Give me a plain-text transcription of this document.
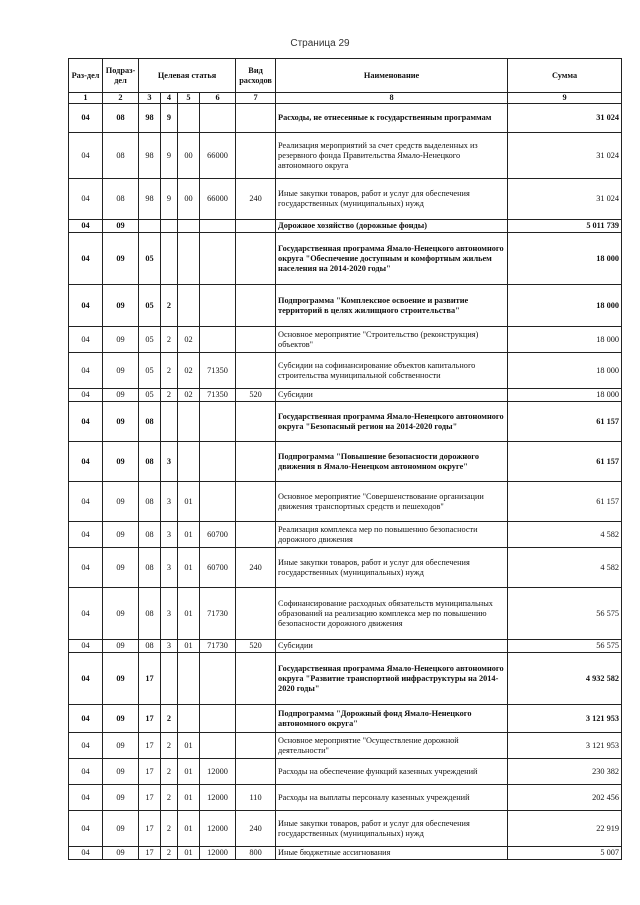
Страница 29
Раз-дел	Подраз-дел	Целевая статья				Вид расходов	Наименование	Сумма
1	2	3	4	5	6	7	8	9
04	08	98	9				Расходы, не отнесенные к государственным программам	31 024
04	08	98	9	00	66000		Реализация мероприятий за счет средств выделенных из резервного фонда Правительства Ямало-Ненецкого автономного округа	31 024
04	08	98	9	00	66000	240	Иные закупки товаров, работ и услуг для обеспечения государственных (муниципальных) нужд	31 024
04	09						Дорожное хозяйство (дорожные фонды)	5 011 739
04	09	05					Государственная программа Ямало-Ненецкого автономного округа "Обеспечение доступным и комфортным жильем населения на 2014-2020 годы"	18 000
04	09	05	2				Подпрограмма "Комплексное освоение и развитие территорий в целях жилищного строительства"	18 000
04	09	05	2	02			Основное мероприятие "Строительство (реконструкция) объектов"	18 000
04	09	05	2	02	71350		Субсидии на софинансирование объектов капитального строительства муниципальной собственности	18 000
04	09	05	2	02	71350	520	Субсидии	18 000
04	09	08					Государственная программа Ямало-Ненецкого автономного округа "Безопасный регион на 2014-2020 годы"	61 157
04	09	08	3				Подпрограмма "Повышение безопасности дорожного движения в Ямало-Ненецком автономном округе"	61 157
04	09	08	3	01			Основное мероприятие "Совершенствование организации движения транспортных средств и пешеходов"	61 157
04	09	08	3	01	60700		Реализация комплекса мер по повышению безопасности дорожного движения	4 582
04	09	08	3	01	60700	240	Иные закупки товаров, работ и услуг для обеспечения государственных (муниципальных) нужд	4 582
04	09	08	3	01	71730		Софинансирование расходных обязательств муниципальных образований на реализацию комплекса мер по повышению безопасности дорожного движения	56 575
04	09	08	3	01	71730	520	Субсидии	56 575
04	09	17					Государственная программа Ямало-Ненецкого автономного округа "Развитие транспортной инфраструктуры на 2014-2020 годы"	4 932 582
04	09	17	2				Подпрограмма "Дорожный фонд Ямало-Ненецкого автономного округа"	3 121 953
04	09	17	2	01			Основное мероприятие "Осуществление дорожной деятельности"	3 121 953
04	09	17	2	01	12000		Расходы на обеспечение функций казенных учреждений	230 382
04	09	17	2	01	12000	110	Расходы на выплаты персоналу казенных учреждений	202 456
04	09	17	2	01	12000	240	Иные закупки товаров, работ и услуг для обеспечения государственных (муниципальных) нужд	22 919
04	09	17	2	01	12000	800	Иные бюджетные ассигнования	5 007
